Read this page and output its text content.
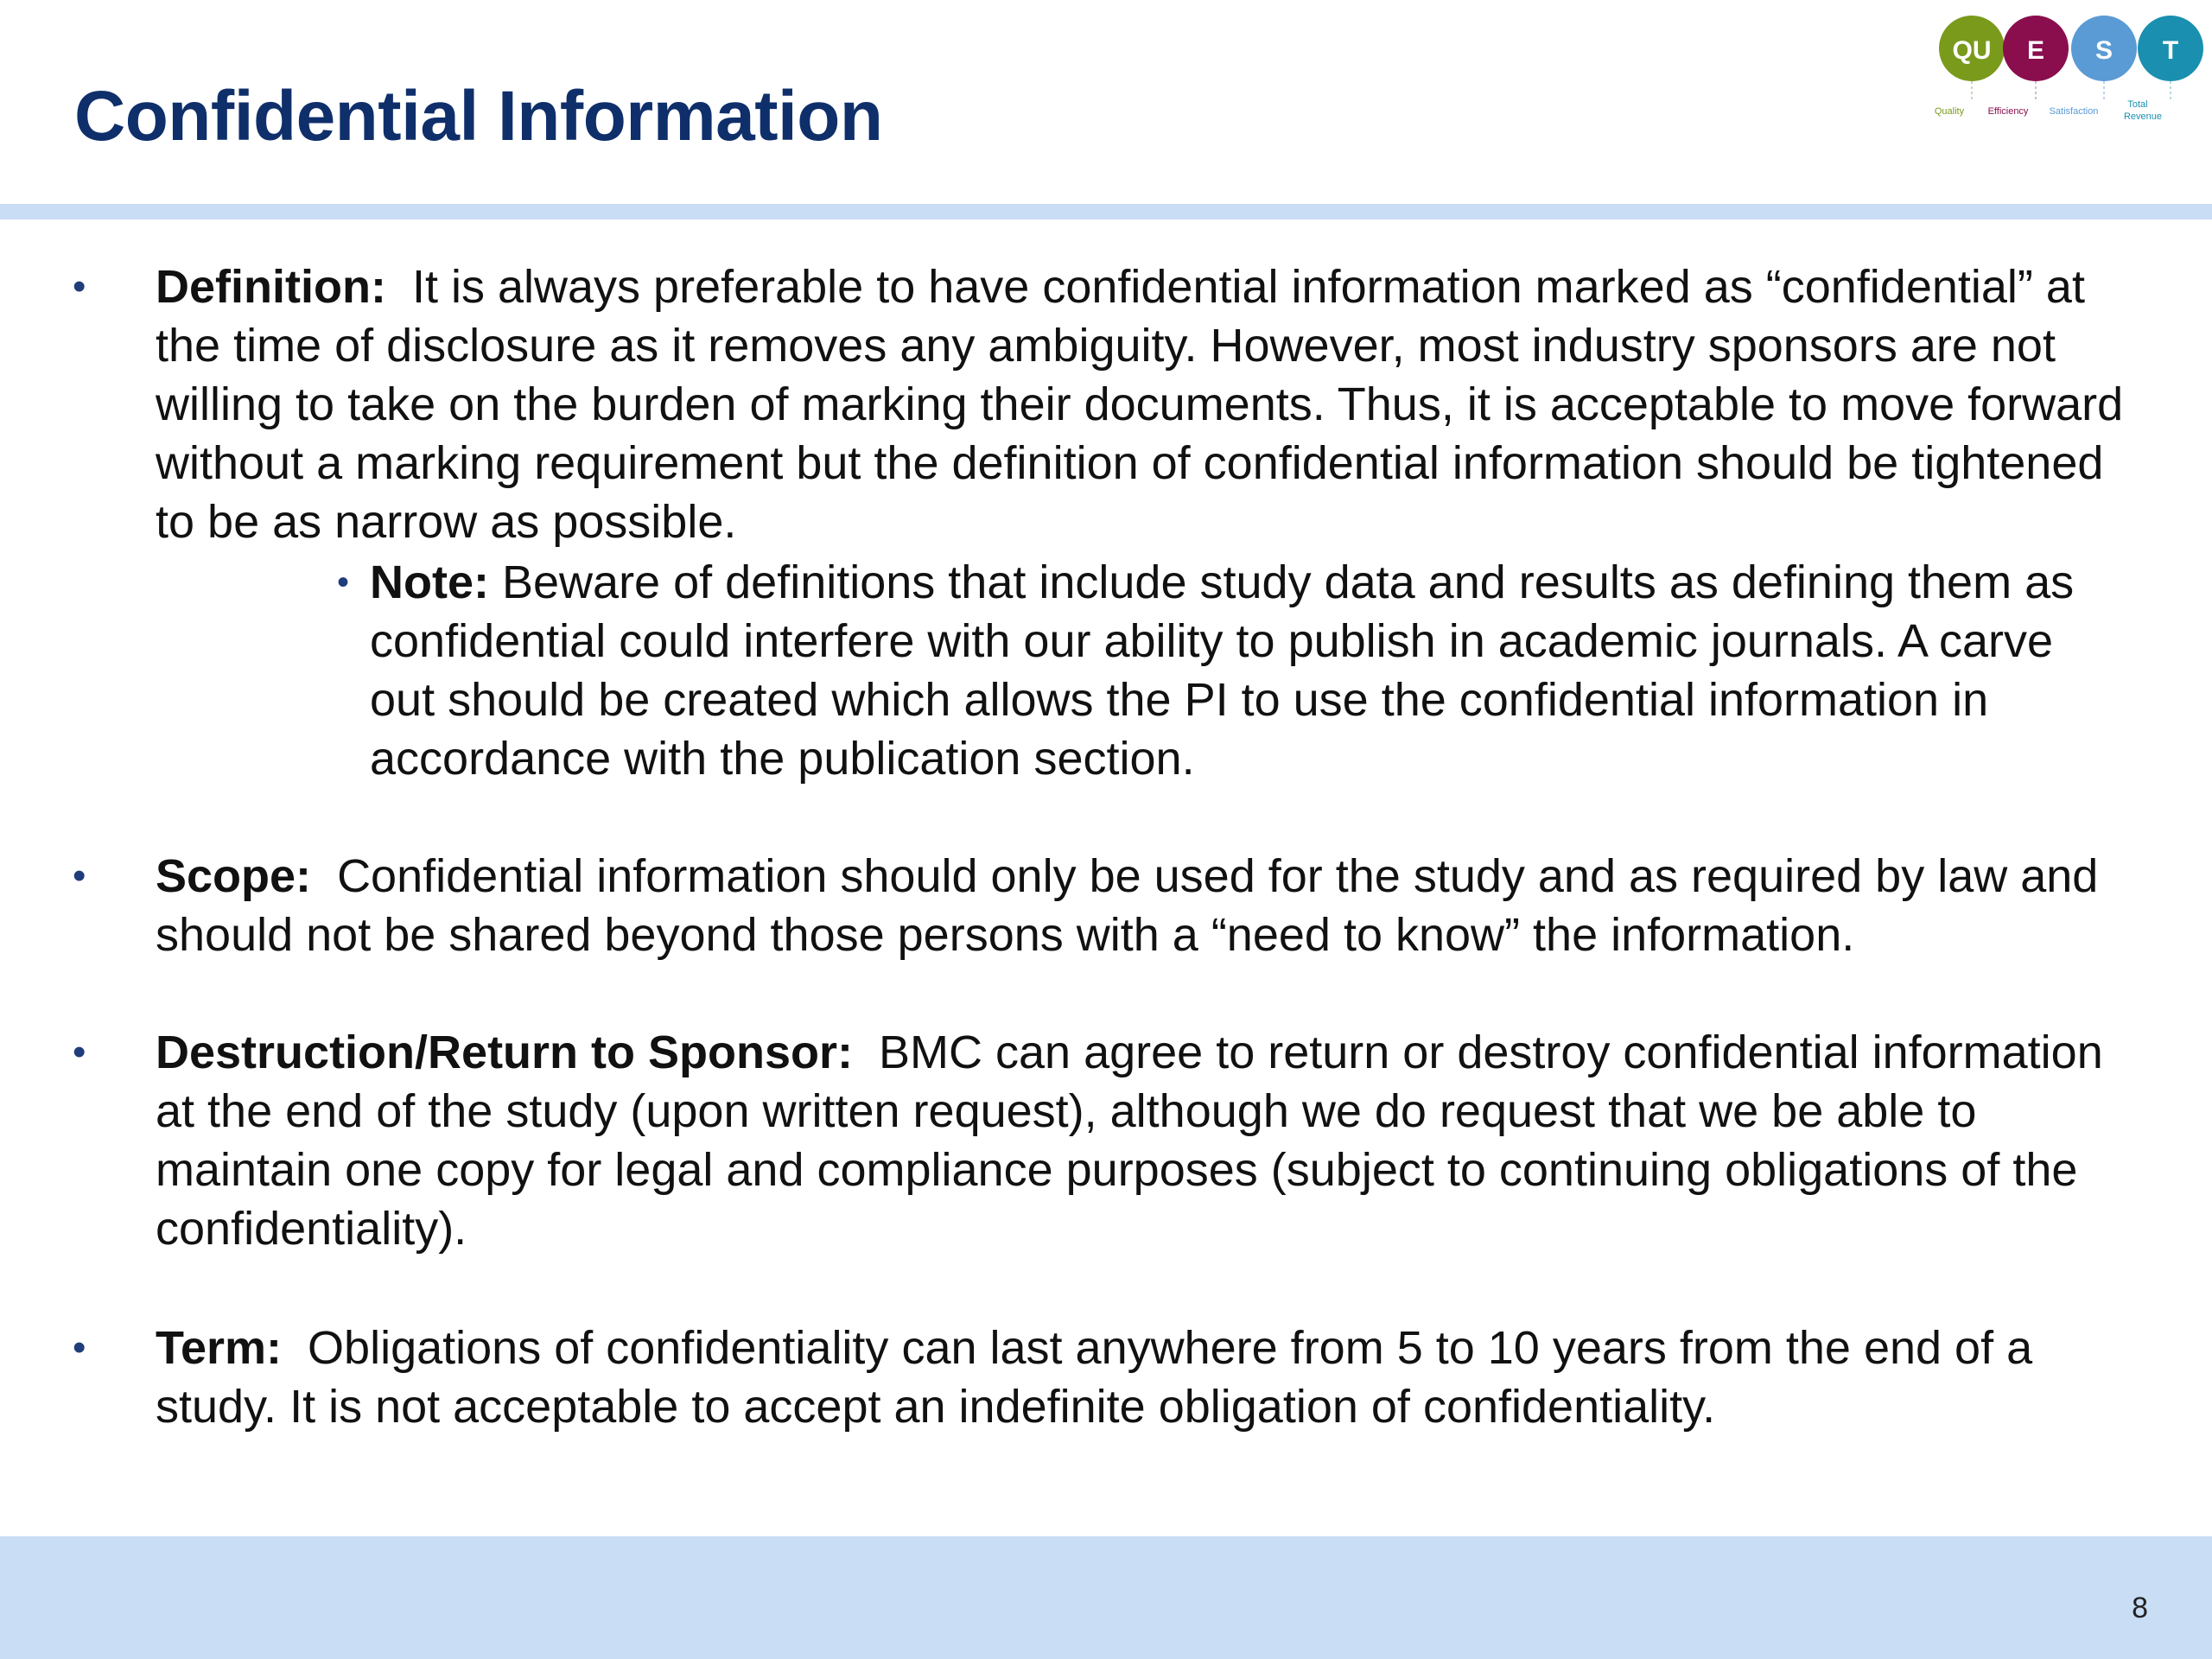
Confidential Information
QU E S T
Quality Efficiency Satisfaction
Total
Revenue
• Definition: It is always preferable to have confidential information marked as “confidential” at the time of disclosure as it removes any ambiguity. However, most industry sponsors are not willing to take on the burden of marking their documents. Thus, it is acceptable to move forward without a marking requirement but the definition of confidential information should be tightened to be as narrow as possible.
• Note: Beware of definitions that include study data and results as defining them as confidential could interfere with our ability to publish in academic journals. A carve out should be created which allows the PI to use the confidential information in accordance with the publication section.
• Scope: Confidential information should only be used for the study and as required by law and should not be shared beyond those persons with a “need to know” the information.
• Destruction/Return to Sponsor: BMC can agree to return or destroy confidential information at the end of the study (upon written request), although we do request that we be able to maintain one copy for legal and compliance purposes (subject to continuing obligations of the confidentiality).
• Term: Obligations of confidentiality can last anywhere from 5 to 10 years from the end of a study. It is not acceptable to accept an indefinite obligation of confidentiality.
8
